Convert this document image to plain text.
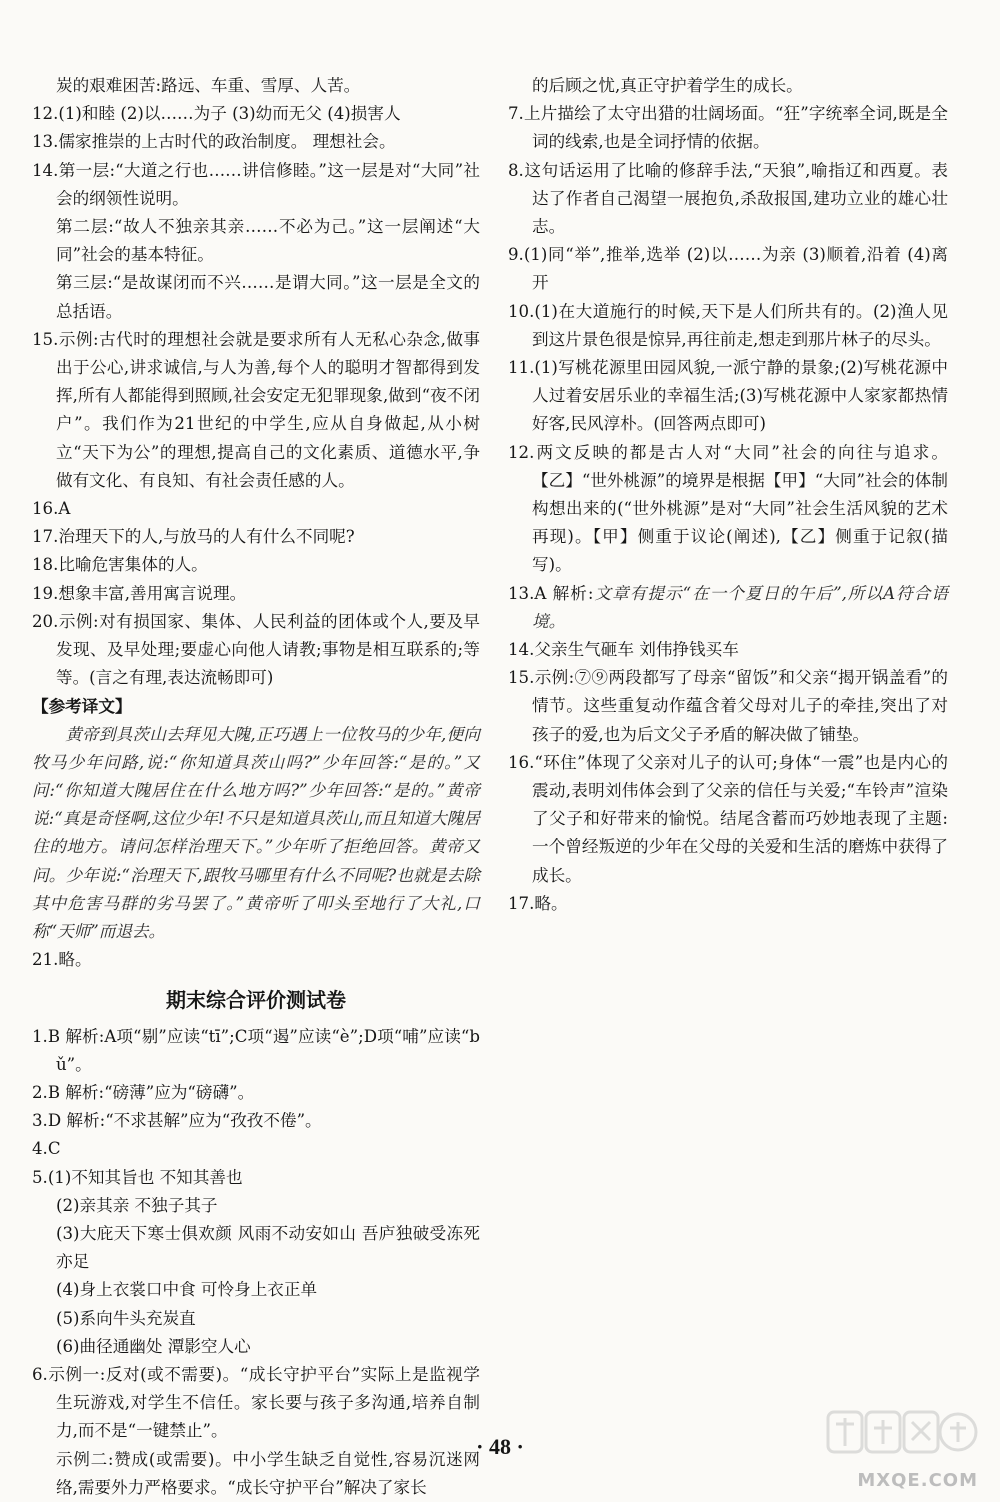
炭的艰难困苦:路远、车重、雪厚、人苦。

12.(1)和睦 (2)以……为子 (3)幼而无父 (4)损害人

13.儒家推崇的上古时代的政治制度。 理想社会。

14.第一层:“大道之行也……讲信修睦。”这一层是对“大同”社会的纲领性说明。

第二层:“故人不独亲其亲……不必为己。”这一层阐述“大同”社会的基本特征。

第三层:“是故谋闭而不兴……是谓大同。”这一层是全文的总括语。

15.示例:古代时的理想社会就是要求所有人无私心杂念,做事出于公心,讲求诚信,与人为善,每个人的聪明才智都得到发挥,所有人都能得到照顾,社会安定无犯罪现象,做到“夜不闭户”。我们作为21世纪的中学生,应从自身做起,从小树立“天下为公”的理想,提高自己的文化素质、道德水平,争做有文化、有良知、有社会责任感的人。

16.A

17.治理天下的人,与放马的人有什么不同呢?

18.比喻危害集体的人。

19.想象丰富,善用寓言说理。

20.示例:对有损国家、集体、人民利益的团体或个人,要及早发现、及早处理;要虚心向他人请教;事物是相互联系的;等等。(言之有理,表达流畅即可)

【参考译文】

黄帝到具茨山去拜见大隗,正巧遇上一位牧马的少年,便向牧马少年问路,说:“你知道具茨山吗?”少年回答:“是的。”又问:“你知道大隗居住在什么地方吗?”少年回答:“是的。”黄帝说:“真是奇怪啊,这位少年!不只是知道具茨山,而且知道大隗居住的地方。请问怎样治理天下。”少年听了拒绝回答。黄帝又问。少年说:“治理天下,跟牧马哪里有什么不同呢?也就是去除其中危害马群的劣马罢了。”黄帝听了叩头至地行了大礼,口称“天师”而退去。

21.略。

期末综合评价测试卷

1.B 解析:A项“剔”应读“tī”;C项“遏”应读“è”;D项“哺”应读“bǔ”。

2.B 解析:“磅薄”应为“磅礴”。

3.D 解析:“不求甚解”应为“孜孜不倦”。

4.C

5.(1)不知其旨也 不知其善也

(2)亲其亲 不独子其子

(3)大庇天下寒士俱欢颜 风雨不动安如山 吾庐独破受冻死亦足

(4)身上衣裳口中食 可怜身上衣正单

(5)系向牛头充炭直

(6)曲径通幽处 潭影空人心

6.示例一:反对(或不需要)。“成长守护平台”实际上是监视学生玩游戏,对学生不信任。家长要与孩子多沟通,培养自制力,而不是“一键禁止”。

示例二:赞成(或需要)。中小学生缺乏自觉性,容易沉迷网络,需要外力严格要求。“成长守护平台”解决了家长

的后顾之忧,真正守护着学生的成长。

7.上片描绘了太守出猎的壮阔场面。“狂”字统率全词,既是全词的线索,也是全词抒情的依据。

8.这句话运用了比喻的修辞手法,“天狼”,喻指辽和西夏。表达了作者自己渴望一展抱负,杀敌报国,建功立业的雄心壮志。

9.(1)同“举”,推举,选举 (2)以……为亲 (3)顺着,沿着 (4)离开

10.(1)在大道施行的时候,天下是人们所共有的。(2)渔人见到这片景色很是惊异,再往前走,想走到那片林子的尽头。

11.(1)写桃花源里田园风貌,一派宁静的景象;(2)写桃花源中人过着安居乐业的幸福生活;(3)写桃花源中人家家都热情好客,民风淳朴。(回答两点即可)

12.两文反映的都是古人对“大同”社会的向往与追求。【乙】“世外桃源”的境界是根据【甲】“大同”社会的体制构想出来的(“世外桃源”是对“大同”社会生活风貌的艺术再现)。【甲】侧重于议论(阐述),【乙】侧重于记叙(描写)。

13.A 解析:文章有提示“在一个夏日的午后”,所以A符合语境。

14.父亲生气砸车 刘伟挣钱买车

15.示例:⑦⑨两段都写了母亲“留饭”和父亲“揭开锅盖看”的情节。这些重复动作蕴含着父母对儿子的牵挂,突出了对孩子的爱,也为后文父子矛盾的解决做了铺垫。

16.“环住”体现了父亲对儿子的认可;身体“一震”也是内心的震动,表明刘伟体会到了父亲的信任与关爱;“车铃声”渲染了父子和好带来的愉悦。结尾含蓄而巧妙地表现了主题:一个曾经叛逆的少年在父母的关爱和生活的磨炼中获得了成长。

17.略。

· 48 ·
MXQE.COM
